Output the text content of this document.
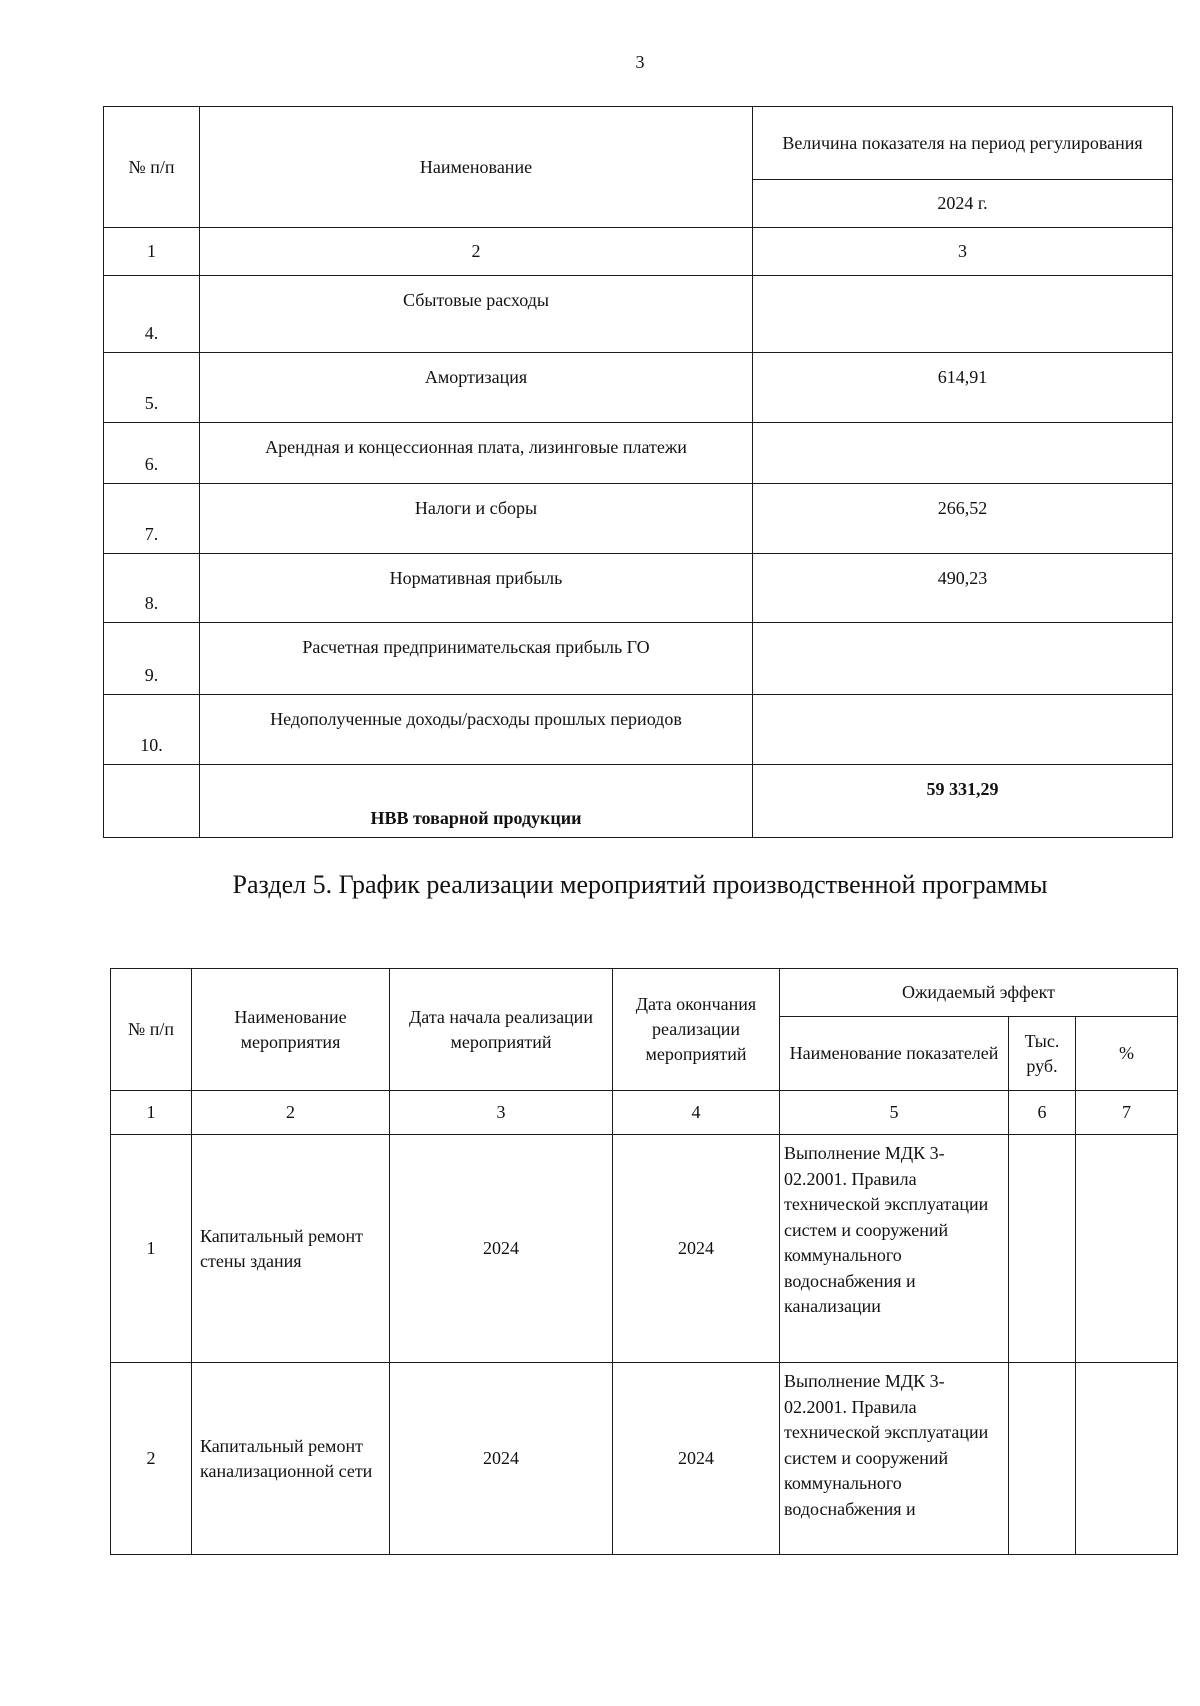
3
№ п/п	Наименование	Величина показателя на период регулирования
		2024 г.
1	2	3
4.	Сбытовые расходы	
5.	Амортизация	614,91
6.	Арендная и концессионная плата, лизинговые платежи	
7.	Налоги и сборы	266,52
8.	Нормативная прибыль	490,23
9.	Расчетная предпринимательская прибыль ГО	
10.	Недополученные доходы/расходы прошлых периодов	
	НВВ товарной продукции	59 331,29
Раздел 5. График реализации мероприятий производственной программы
№ п/п	Наименование мероприятия	Дата начала реализации мероприятий	Дата окончания реализации мероприятий	Ожидаемый эффект		
				Наименование показателей	Тыс. руб.	%
1	2	3	4	5	6	7
1	Капитальный ремонт стены здания	2024	2024	Выполнение МДК 3-02.2001. Правила технической эксплуатации систем и сооружений коммунального водоснабжения и канализации		
2	Капитальный ремонт канализационной сети	2024	2024	Выполнение МДК 3-02.2001. Правила технической эксплуатации систем и сооружений коммунального водоснабжения и		
